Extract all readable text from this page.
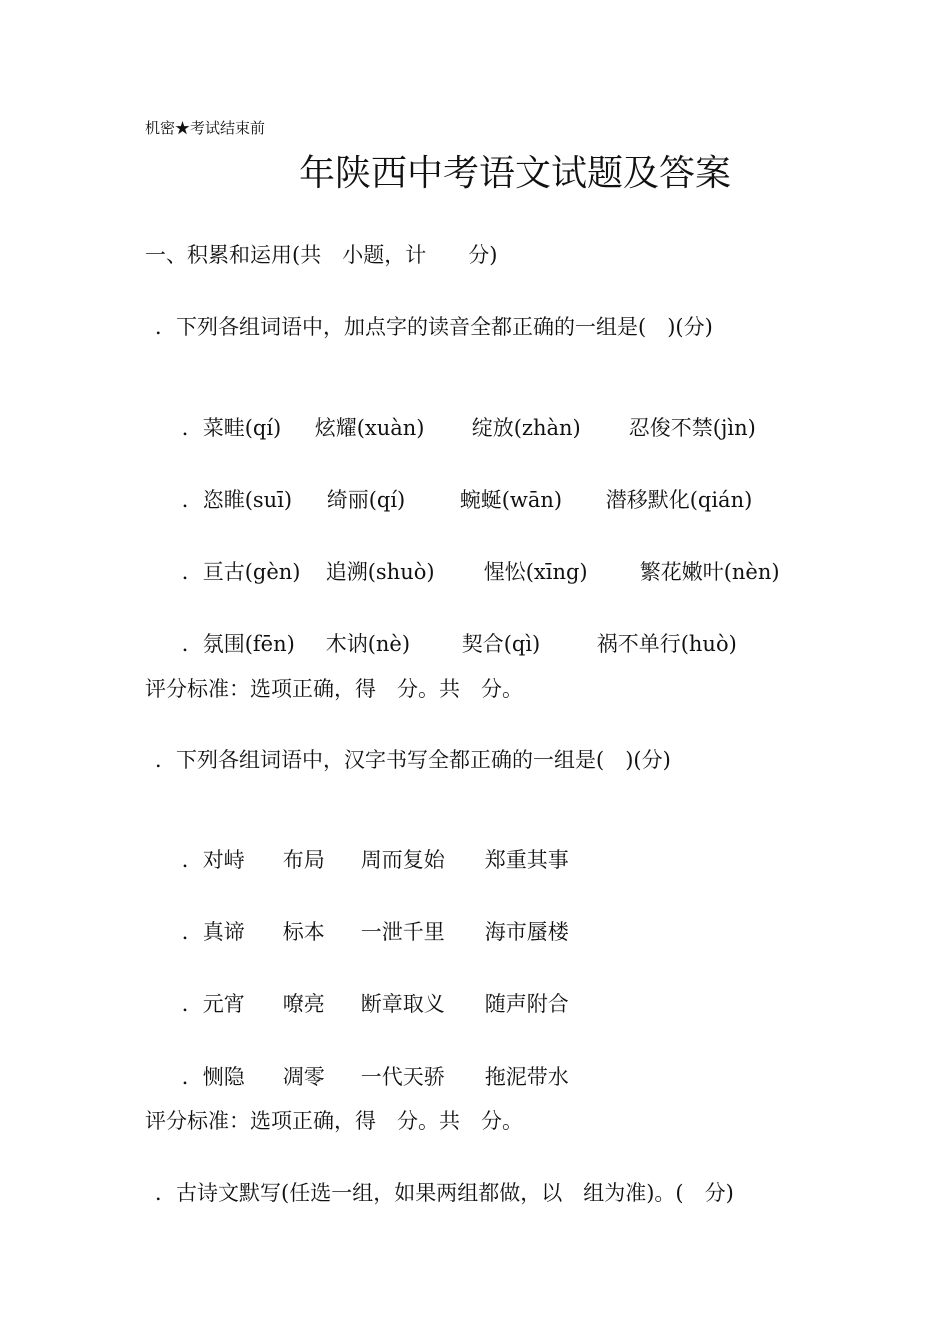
机密★考试结束前
年陕西中考语文试题及答案
一、积累和运用(共　小题，计　　分)
．下列各组词语中，加点字的读音全都正确的一组是(　)(分)

．菜畦(qí) 炫耀(xuàn) 绽放(zhàn) 忍俊不禁(jìn)

．恣睢(suī) 绮丽(qí)	蜿蜒(wān) 潜移默化(qián)

．亘古(gèn) 追溯(shuò) 惺忪(xīng) 繁花嫩叶(nèn)

．氛围(fēn) 木讷(nè) 契合(qì)	祸不单行(huò)

评分标准：选项正确，得　分。共　分。
．下列各组词语中，汉字书写全都正确的一组是(　)(分)

．对峙 布局 周而复始 郑重其事

．真谛 标本 一泄千里 海市蜃楼

．元宵 嘹亮 断章取义 随声附合

．恻隐 凋零 一代天骄 拖泥带水

评分标准：选项正确，得　分。共　分。
．古诗文默写(任选一组，如果两组都做，以　组为准)。(　分)
